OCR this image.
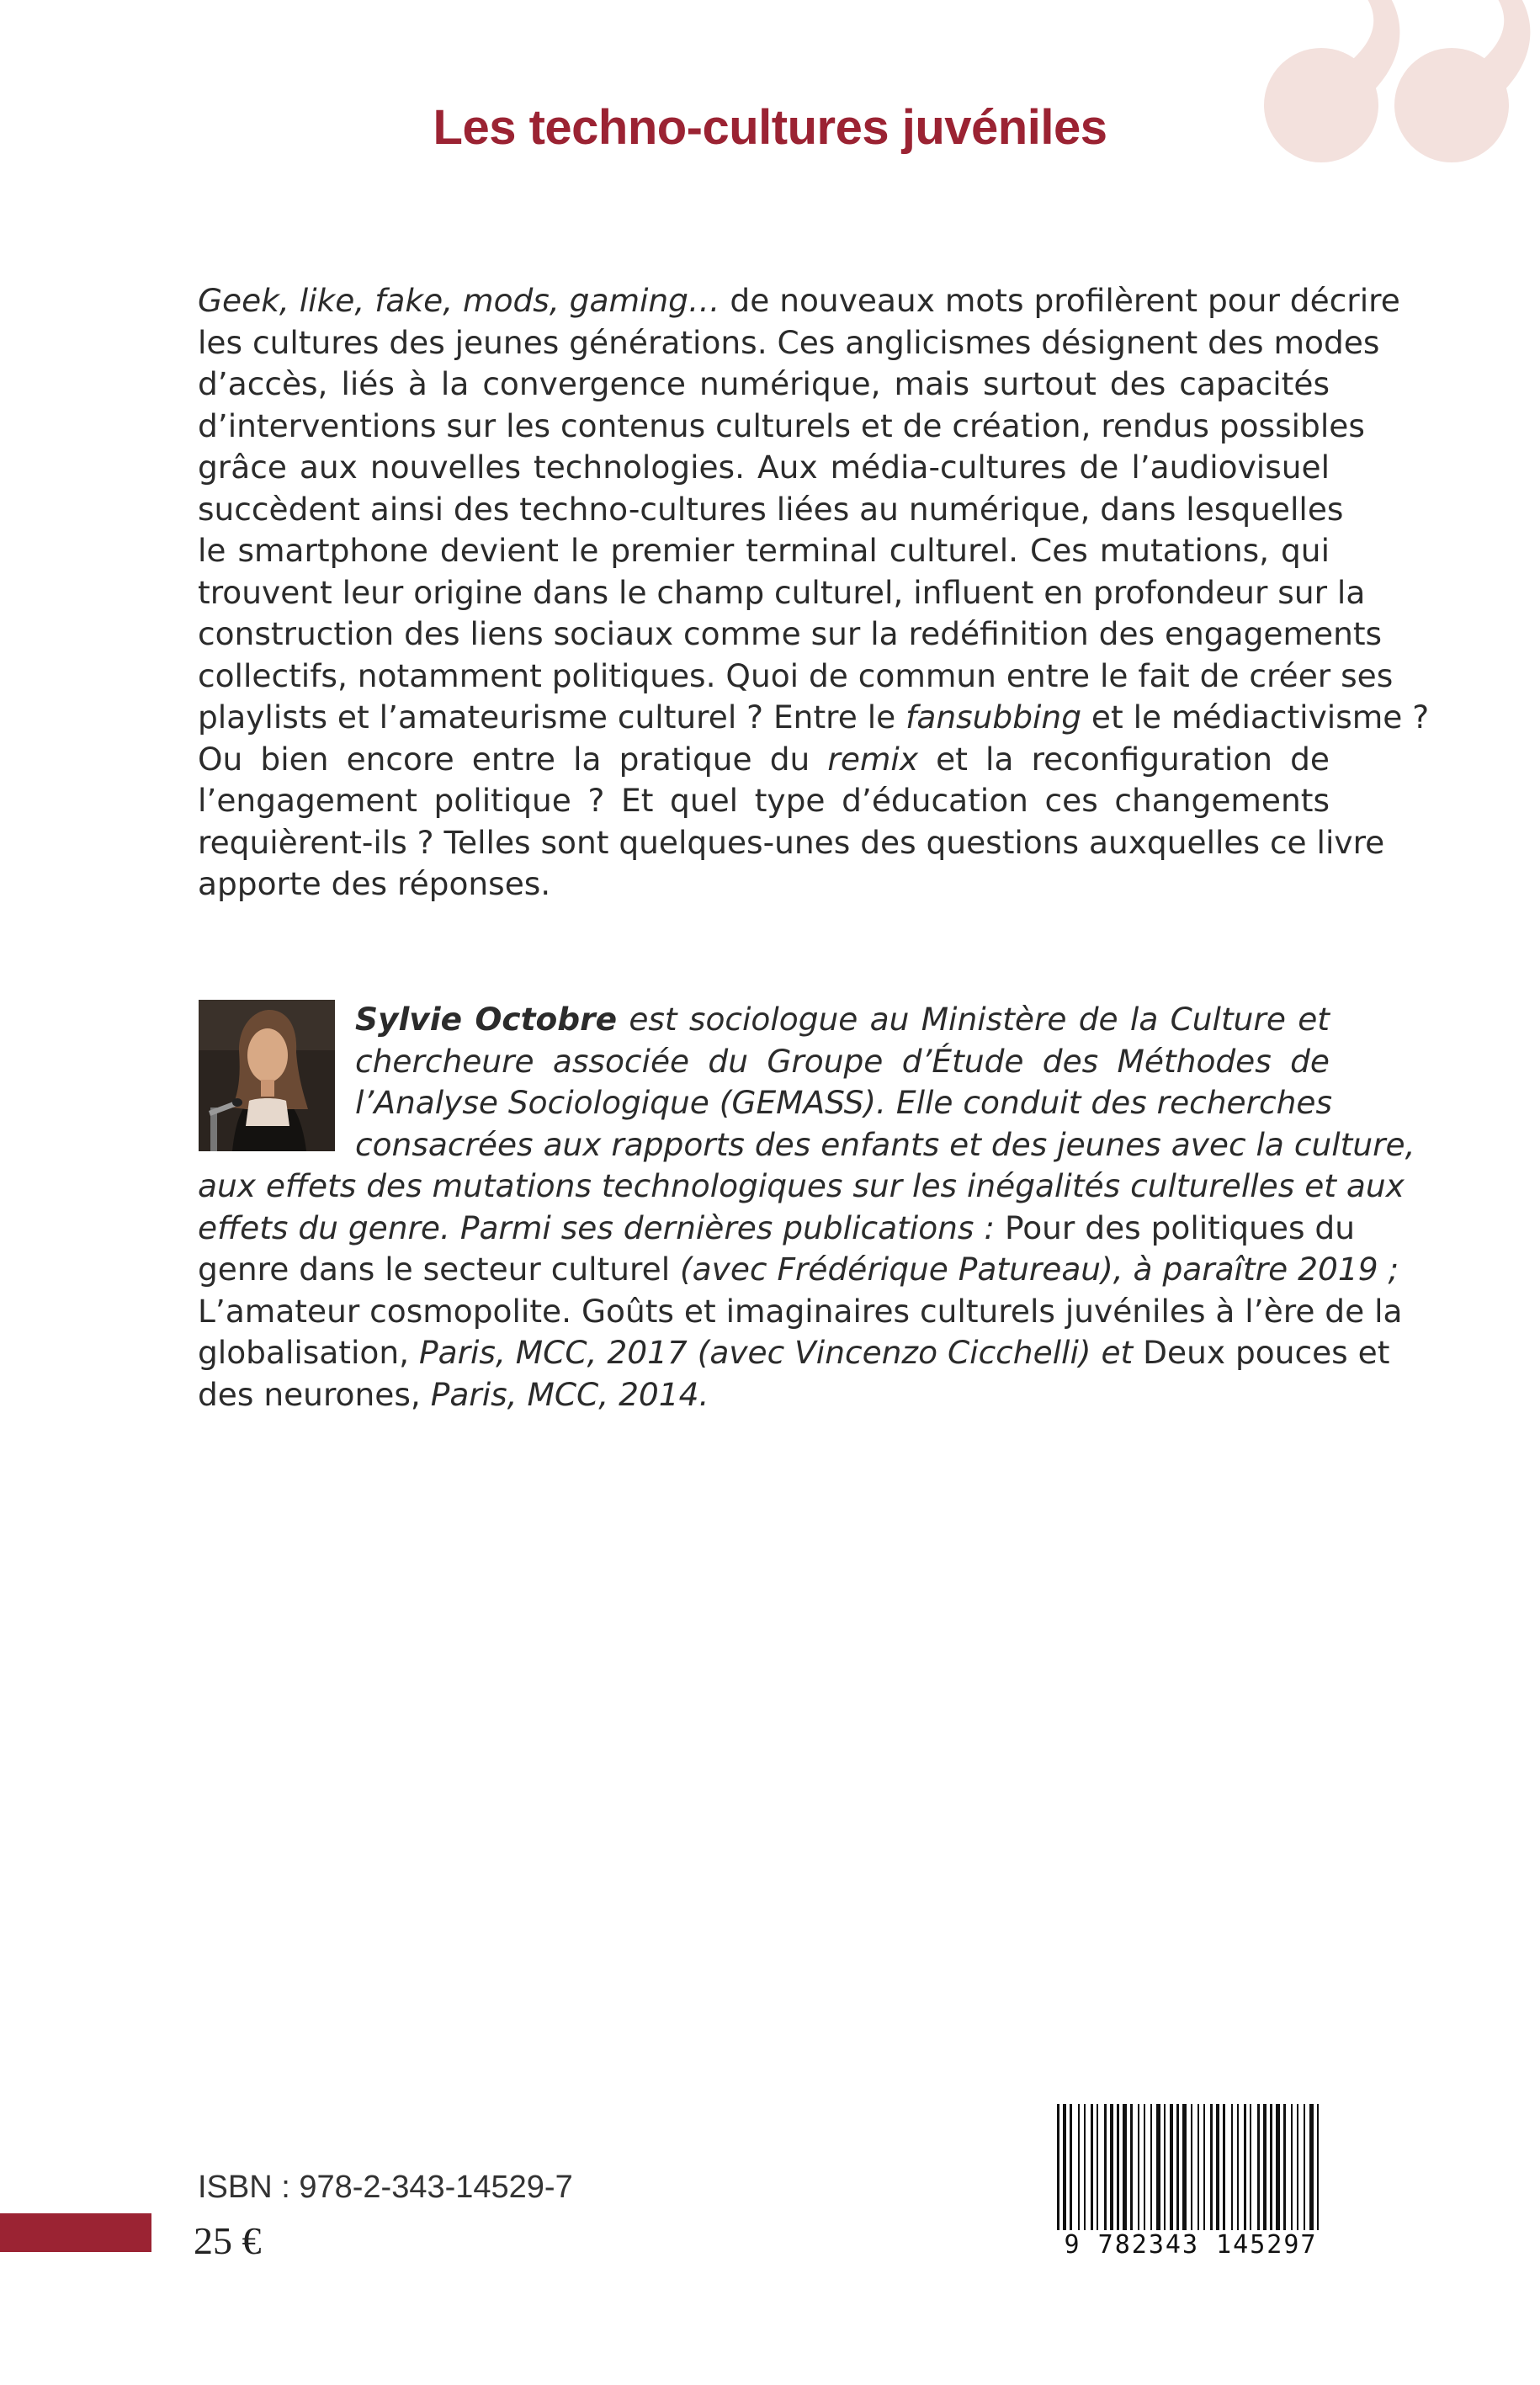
Les techno-cultures juvéniles
Geek, like, fake, mods, gaming… de nouveaux mots profilèrent pour décrire
les cultures des jeunes générations. Ces anglicismes désignent des modes
d’accès, liés à la convergence numérique, mais surtout des capacités
d’interventions sur les contenus culturels et de création, rendus possibles
grâce aux nouvelles technologies. Aux média-cultures de l’audiovisuel
succèdent ainsi des techno-cultures liées au numérique, dans lesquelles
le smartphone devient le premier terminal culturel. Ces mutations, qui
trouvent leur origine dans le champ culturel, influent en profondeur sur la
construction des liens sociaux comme sur la redéfinition des engagements
collectifs, notamment politiques. Quoi de commun entre le fait de créer ses
playlists et l’amateurisme culturel ? Entre le fansubbing et le médiactivisme ?
Ou bien encore entre la pratique du remix et la reconfiguration de
l’engagement politique ? Et quel type d’éducation ces changements
requièrent-ils ? Telles sont quelques-unes des questions auxquelles ce livre
apporte des réponses.
Sylvie Octobre est sociologue au Ministère de la Culture et
chercheure associée du Groupe d’Étude des Méthodes de
l’Analyse Sociologique (GEMASS). Elle conduit des recherches
consacrées aux rapports des enfants et des jeunes avec la culture,
aux effets des mutations technologiques sur les inégalités culturelles et aux
effets du genre. Parmi ses dernières publications : Pour des politiques du
genre dans le secteur culturel (avec Frédérique Patureau), à paraître 2019 ;
L’amateur cosmopolite. Goûts et imaginaires culturels juvéniles à l’ère de la
globalisation, Paris, MCC, 2017 (avec Vincenzo Cicchelli) et Deux pouces et
des neurones, Paris, MCC, 2014.
ISBN : 978-2-343-14529-7
25 €	9 782343 145297
